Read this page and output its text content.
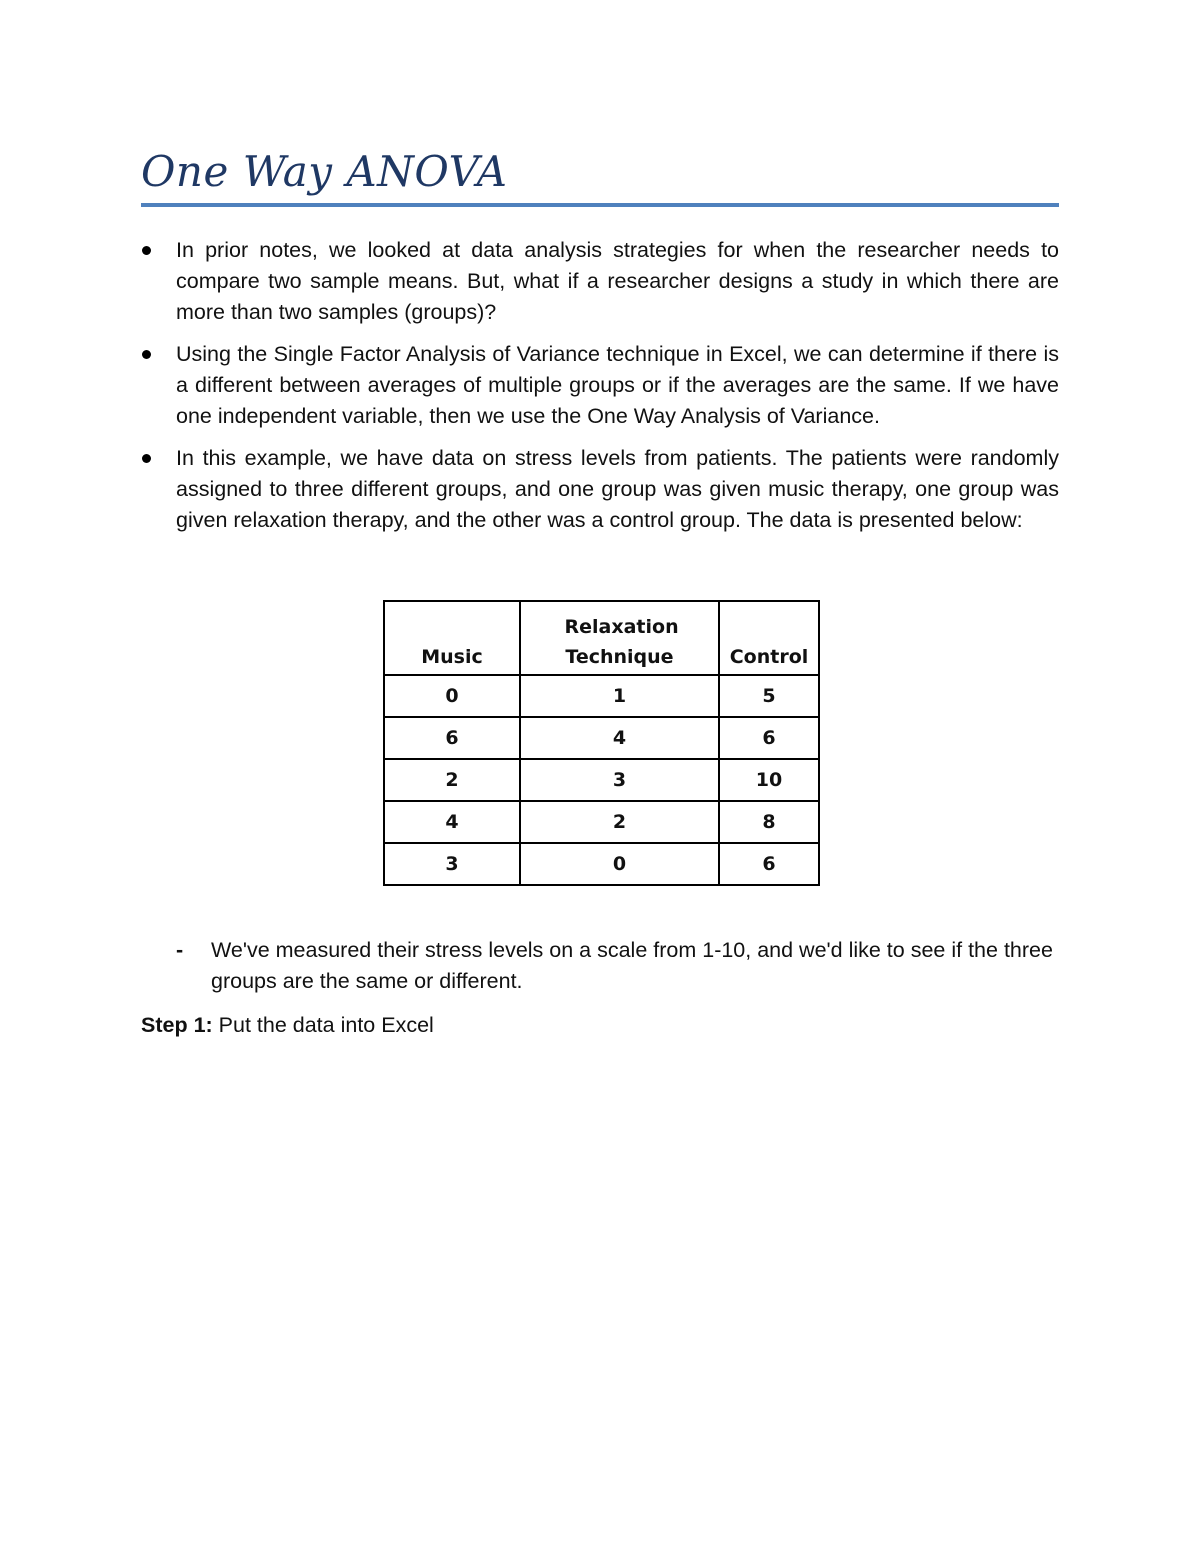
One Way ANOVA
In prior notes, we looked at data analysis strategies for when the researcher needs to compare two sample means. But, what if a researcher designs a study in which there are more than two samples (groups)?
Using the Single Factor Analysis of Variance technique in Excel, we can determine if there is a different between averages of multiple groups or if the averages are the same. If we have one independent variable, then we use the One Way Analysis of Variance.
In this example, we have data on stress levels from patients. The patients were randomly assigned to three different groups, and one group was given music therapy, one group was given relaxation therapy, and the other was a control group. The data is presented below:
Music	Relaxation Technique	Control
0	1	5
6	4	6
2	3	10
4	2	8
3	0	6
-	We've measured their stress levels on a scale from 1-10, and we'd like to see if the three groups are the same or different.
Step 1: Put the data into Excel
